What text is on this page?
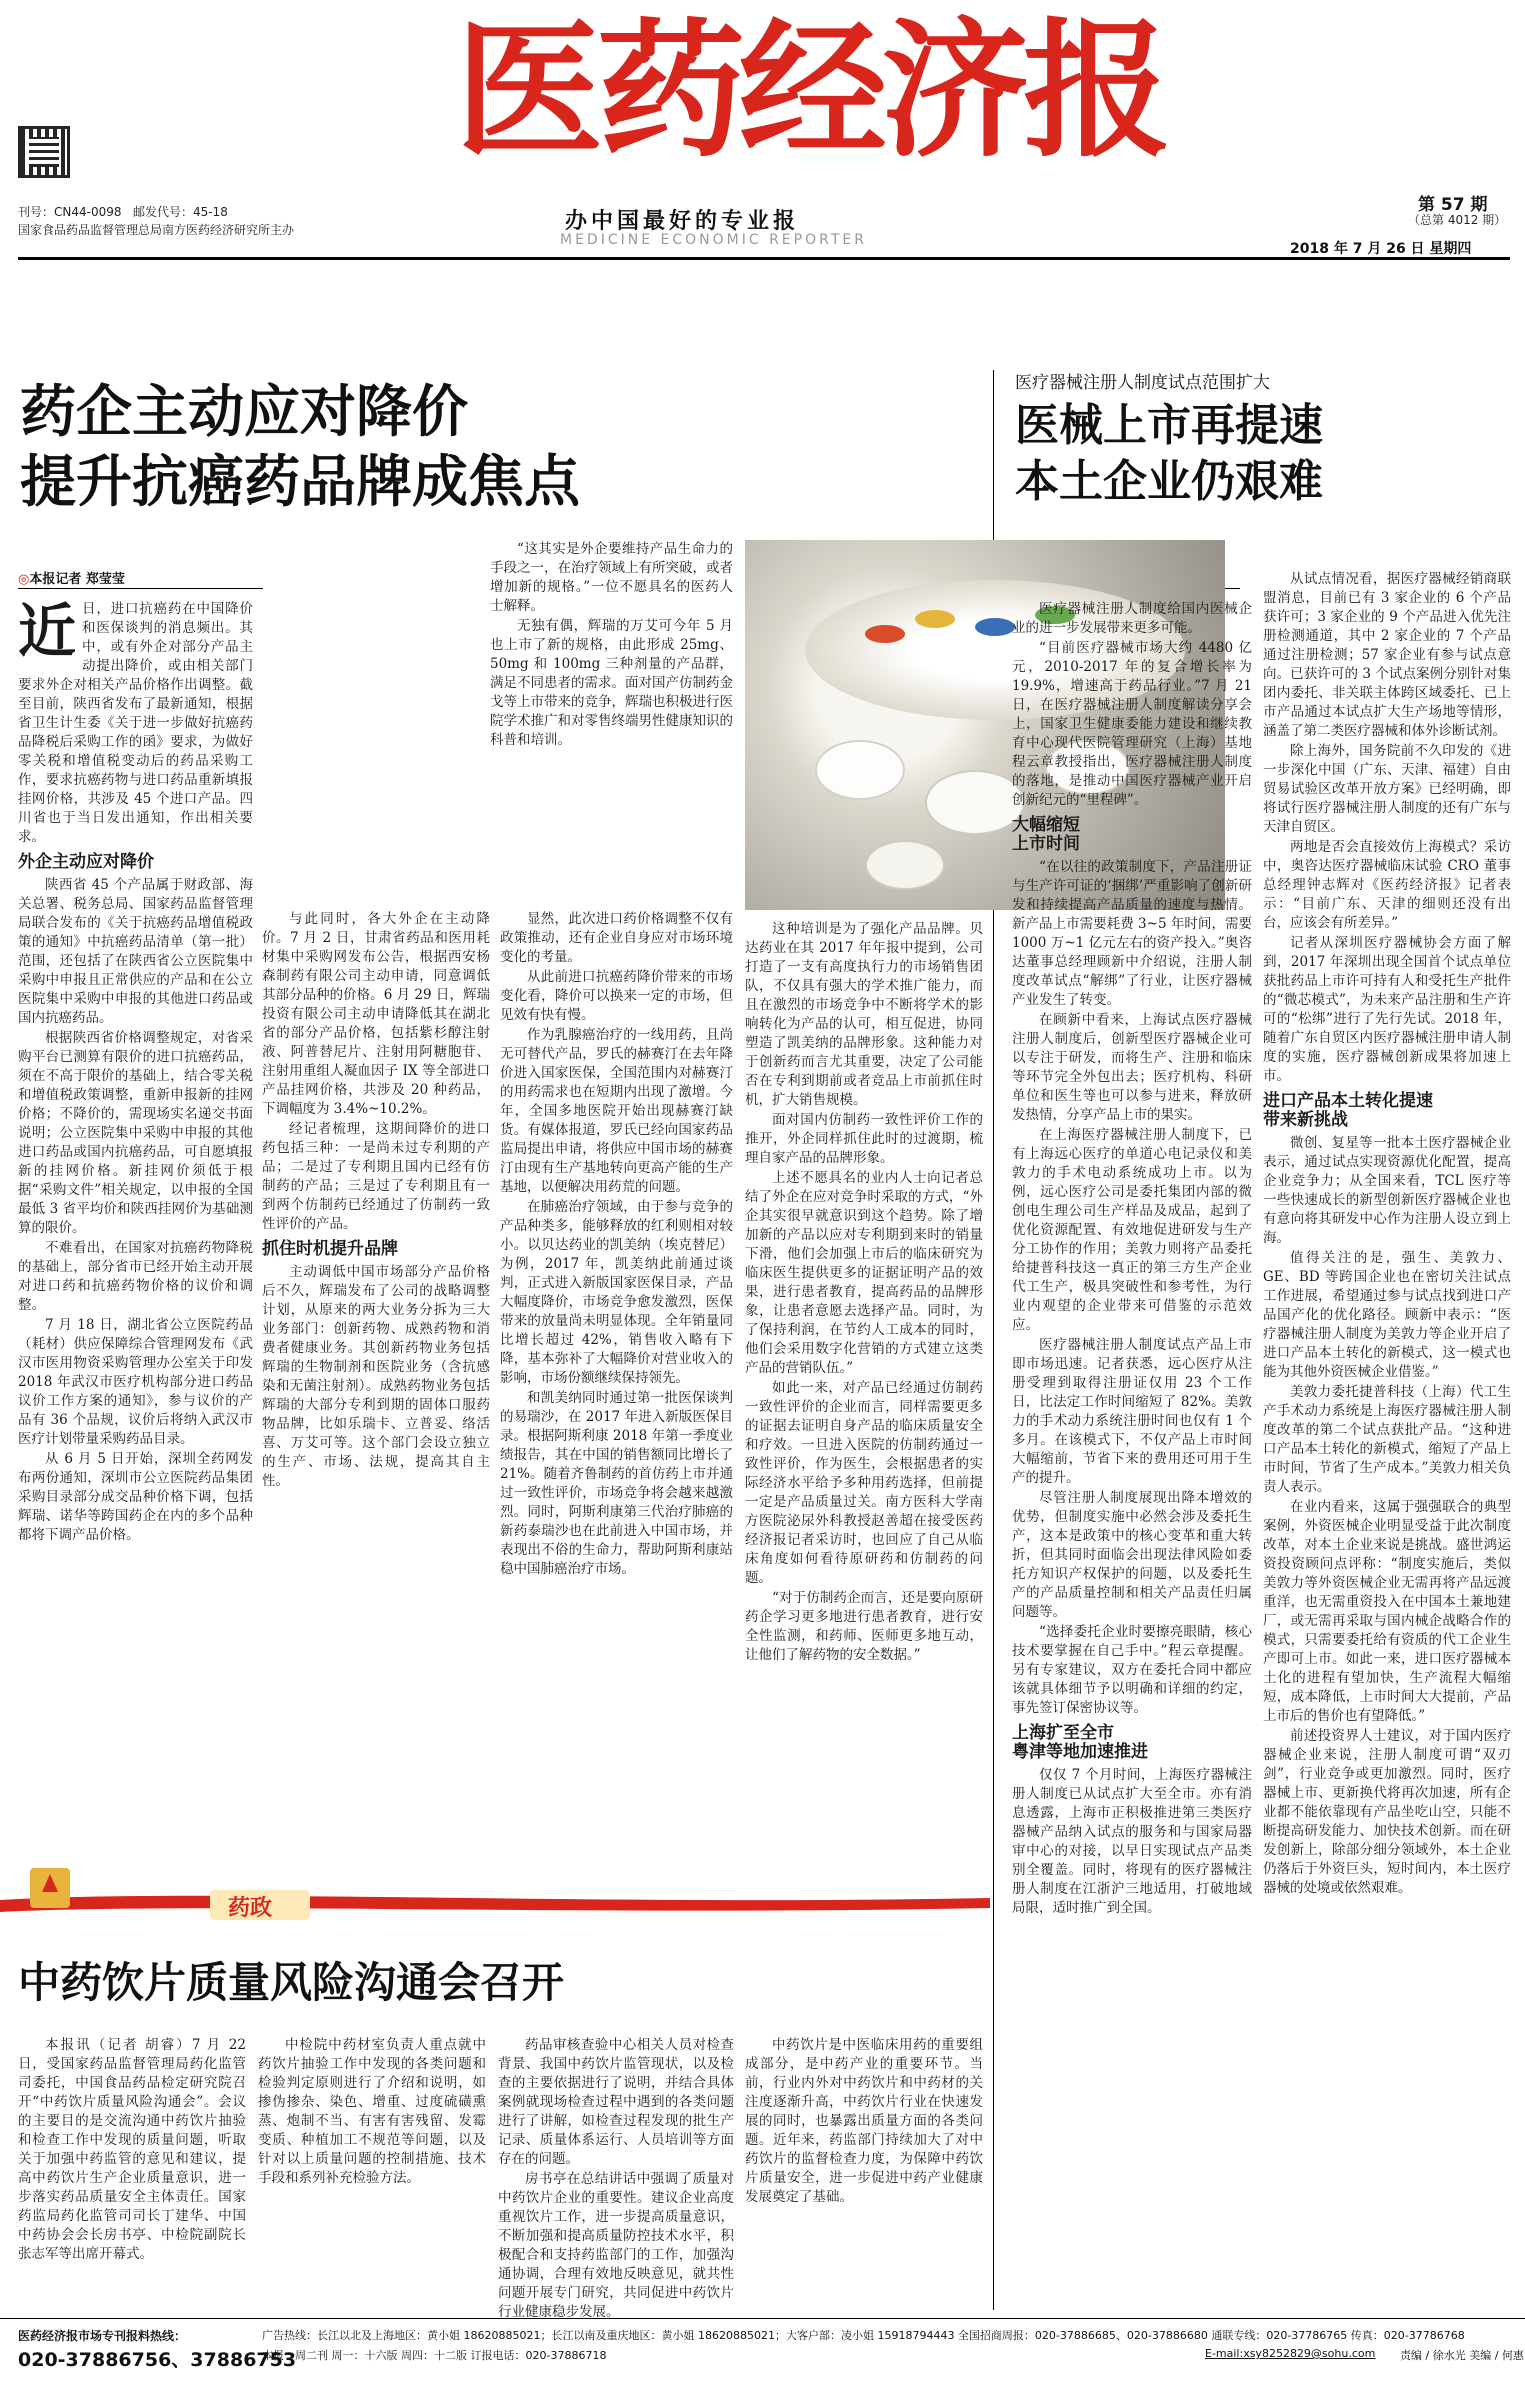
刊号：CN44-0098 邮发代号：45-18
国家食品药品监督管理总局南方医药经济研究所主办
医药经济报
办中国最好的专业报
MEDICINE ECONOMIC REPORTER
第 57 期
（总第 4012 期）
2018 年 7 月 26 日 星期四
药企主动应对降价
提升抗癌药品牌成焦点
医疗器械注册人制度试点范围扩大
医械上市再提速
本土企业仍艰难
◎本报记者 郑莹莹

近日，进口抗癌药在中国降价和医保谈判的消息频出。其中，或有外企对部分产品主动提出降价，或由相关部门要求外企对相关产品价格作出调整。截至目前，陕西省发布了最新通知，根据省卫生计生委《关于进一步做好抗癌药品降税后采购工作的函》要求，为做好零关税和增值税变动后的药品采购工作，要求抗癌药物与进口药品重新填报挂网价格，共涉及 45 个进口产品。四川省也于当日发出通知，作出相关要求。

外企主动应对降价

陕西省 45 个产品属于财政部、海关总署、税务总局、国家药品监督管理局联合发布的《关于抗癌药品增值税政策的通知》中抗癌药品清单（第一批）范围，还包括了在陕西省公立医院集中采购中申报且正常供应的产品和在公立医院集中采购中申报的其他进口药品或国内抗癌药品。

根据陕西省价格调整规定，对省采购平台已测算有限价的进口抗癌药品，须在不高于限价的基础上，结合零关税和增值税政策调整，重新申报新的挂网价格；不降价的，需现场实名递交书面说明；公立医院集中采购中申报的其他进口药品或国内抗癌药品，可自愿填报新的挂网价格。新挂网价须低于根据“采购文件”相关规定，以申报的全国最低 3 省平均价和陕西挂网价为基础测算的限价。

不难看出，在国家对抗癌药物降税的基础上，部分省市已经开始主动开展对进口药和抗癌药物价格的议价和调整。

7 月 18 日，湖北省公立医院药品（耗材）供应保障综合管理网发布《武汉市医用物资采购管理办公室关于印发 2018 年武汉市医疗机构部分进口药品议价工作方案的通知》，参与议价的产品有 36 个品规，议价后将纳入武汉市医疗计划带量采购药品目录。

从 6 月 5 日开始，深圳全药网发布两份通知，深圳市公立医院药品集团采购目录部分成交品种价格下调，包括辉瑞、诺华等跨国药企在内的多个品种都将下调产品价格。

与此同时，各大外企在主动降价。7 月 2 日，甘肃省药品和医用耗材集中采购网发布公告，根据西安杨森制药有限公司主动申请，同意调低其部分品种的价格。6 月 29 日，辉瑞投资有限公司主动申请降低其在湖北省的部分产品价格，包括紫杉醇注射液、阿普替尼片、注射用阿糖胞苷、注射用重组人凝血因子 IX 等全部进口产品挂网价格，共涉及 20 种药品，下调幅度为 3.4%~10.2%。

经记者梳理，这期间降价的进口药包括三种：一是尚未过专利期的产品；二是过了专利期且国内已经有仿制药的产品；三是过了专利期且有一到两个仿制药已经通过了仿制药一致性评价的产品。

抓住时机提升品牌

主动调低中国市场部分产品价格后不久，辉瑞发布了公司的战略调整计划，从原来的两大业务分拆为三大业务部门：创新药物、成熟药物和消费者健康业务。其创新药物业务包括辉瑞的生物制剂和医院业务（含抗感染和无菌注射剂）。成熟药物业务包括辉瑞的大部分专利到期的固体口服药物品牌，比如乐瑞卡、立普妥、络活喜、万艾可等。这个部门会设立独立的生产、市场、法规，提高其自主性。

显然，此次进口药价格调整不仅有政策推动，还有企业自身应对市场环境变化的考量。

从此前进口抗癌药降价带来的市场变化看，降价可以换来一定的市场，但见效有快有慢。

作为乳腺癌治疗的一线用药，且尚无可替代产品，罗氏的赫赛汀在去年降价进入国家医保，全国范围内对赫赛汀的用药需求也在短期内出现了激增。今年，全国多地医院开始出现赫赛汀缺货。有媒体报道，罗氏已经向国家药品监局提出申请，将供应中国市场的赫赛汀由现有生产基地转向更高产能的生产基地，以便解决用药荒的问题。

在肺癌治疗领域，由于参与竞争的产品种类多，能够释放的红利则相对较小。以贝达药业的凯美纳（埃克替尼）为例，2017 年，凯美纳此前通过谈判，正式进入新版国家医保目录，产品大幅度降价，市场竞争愈发激烈，医保带来的放量尚未明显体现。全年销量同比增长超过 42%，销售收入略有下降，基本弥补了大幅降价对营业收入的影响，市场份额继续保持领先。

和凯美纳同时通过第一批医保谈判的易瑞沙，在 2017 年进入新版医保目录。根据阿斯利康 2018 年第一季度业绩报告，其在中国的销售额同比增长了 21%。随着齐鲁制药的首仿药上市并通过一致性评价，市场竞争将会越来越激烈。同时，阿斯利康第三代治疗肺癌的新药泰瑞沙也在此前进入中国市场，并表现出不俗的生命力，帮助阿斯利康站稳中国肺癌治疗市场。

这种培训是为了强化产品品牌。贝达药业在其 2017 年年报中提到，公司打造了一支有高度执行力的市场销售团队，不仅具有强大的学术推广能力，而且在激烈的市场竞争中不断将学术的影响转化为产品的认可，相互促进，协同塑造了凯美纳的品牌形象。这种能力对于创新药而言尤其重要，决定了公司能否在专利到期前或者竞品上市前抓住时机，扩大销售规模。

面对国内仿制药一致性评价工作的推开，外企同样抓住此时的过渡期，梳理自家产品的品牌形象。

上述不愿具名的业内人士向记者总结了外企在应对竞争时采取的方式，“外企其实很早就意识到这个趋势。除了增加新的产品以应对专利期到来时的销量下滑，他们会加强上市后的临床研究为临床医生提供更多的证据证明产品的效果，进行患者教育，提高药品的品牌形象，让患者意愿去选择产品。同时，为了保持利润，在节约人工成本的同时，他们会采用数字化营销的方式建立这类产品的营销队伍。”

如此一来，对产品已经通过仿制药一致性评价的企业而言，同样需要更多的证据去证明自身产品的临床质量安全和疗效。一旦进入医院的仿制药通过一致性评价，作为医生，会根据患者的实际经济水平给予多种用药选择，但前提一定是产品质量过关。南方医科大学南方医院泌尿外科教授赵善超在接受医药经济报记者采访时，也回应了自己从临床角度如何看待原研药和仿制药的问题。

“对于仿制药企而言，还是要向原研药企学习更多地进行患者教育，进行安全性监测，和药师、医师更多地互动，让他们了解药物的安全数据。”

医疗器械注册人制度给国内医械企业的进一步发展带来更多可能。

“目前医疗器械市场大约 4480 亿元，2010-2017 年的复合增长率为 19.9%，增速高于药品行业。”7 月 21 日，在医疗器械注册人制度解读分享会上，国家卫生健康委能力建设和继续教育中心现代医院管理研究（上海）基地程云章教授指出，医疗器械注册人制度的落地，是推动中国医疗器械产业开启创新纪元的“里程碑”。

大幅缩短
上市时间

“在以往的政策制度下，产品注册证与生产许可证的‘捆绑’严重影响了创新研发和持续提高产品质量的速度与热情。新产品上市需要耗费 3~5 年时间，需要 1000 万~1 亿元左右的资产投入。”奥咨达董事总经理顾新中介绍说，注册人制度改革试点“解绑”了行业，让医疗器械产业发生了转变。

在顾新中看来，上海试点医疗器械注册人制度后，创新型医疗器械企业可以专注于研发，而将生产、注册和临床等环节完全外包出去；医疗机构、科研单位和医生等也可以参与进来，释放研发热情，分享产品上市的果实。

在上海医疗器械注册人制度下，已有上海远心医疗的单道心电记录仪和美敦力的手术电动系统成功上市。以为例，远心医疗公司是委托集团内部的微创电生理公司生产样品及成品，起到了优化资源配置、有效地促进研发与生产分工协作的作用；美敦力则将产品委托给捷普科技这一真正的第三方生产企业代工生产，极具突破性和参考性，为行业内观望的企业带来可借鉴的示范效应。

医疗器械注册人制度试点产品上市即市场迅速。记者获悉，远心医疗从注册受理到取得注册证仅用 23 个工作日，比法定工作时间缩短了 82%。美敦力的手术动力系统注册时间也仅有 1 个多月。在该模式下，不仅产品上市时间大幅缩前，节省下来的费用还可用于生产的提升。

尽管注册人制度展现出降本增效的优势，但制度实施中必然会涉及委托生产，这本是政策中的核心变革和重大转折，但其同时面临会出现法律风险如委托方知识产权保护的问题，以及委托生产的产品质量控制和相关产品责任归属问题等。

“选择委托企业时要擦亮眼睛，核心技术要掌握在自己手中。”程云章提醒。另有专家建议，双方在委托合同中都应该就具体细节予以明确和详细的约定，事先签订保密协议等。

上海扩至全市
粤津等地加速推进

仅仅 7 个月时间，上海医疗器械注册人制度已从试点扩大至全市。亦有消息透露，上海市正积极推进第三类医疗器械产品纳入试点的服务和与国家局器审中心的对接，以早日实现试点产品类别全覆盖。同时，将现有的医疗器械注册人制度在江浙沪三地适用，打破地域局限，适时推广到全国。

从试点情况看，据医疗器械经销商联盟消息，目前已有 3 家企业的 6 个产品获许可；3 家企业的 9 个产品进入优先注册检测通道，其中 2 家企业的 7 个产品通过注册检测；57 家企业有参与试点意向。已获许可的 3 个试点案例分别针对集团内委托、非关联主体跨区域委托、已上市产品通过本试点扩大生产场地等情形，涵盖了第二类医疗器械和体外诊断试剂。

除上海外，国务院前不久印发的《进一步深化中国（广东、天津、福建）自由贸易试验区改革开放方案》已经明确，即将试行医疗器械注册人制度的还有广东与天津自贸区。

两地是否会直接效仿上海模式？采访中，奥咨达医疗器械临床试验 CRO 董事总经理钟志辉对《医药经济报》记者表示：“目前广东、天津的细则还没有出台，应该会有所差异。”

记者从深圳医疗器械协会方面了解到，2017 年深圳出现全国首个试点单位获批药品上市许可持有人和受托生产批件的“微芯模式”，为未来产品注册和生产许可的“松绑”进行了先行先试。2018 年，随着广东自贸区内医疗器械注册申请人制度的实施，医疗器械创新成果将加速上市。

进口产品本土转化提速
带来新挑战

微创、复星等一批本土医疗器械企业表示，通过试点实现资源优化配置，提高企业竞争力；从全国来看，TCL 医疗等一些快速成长的新型创新医疗器械企业也有意向将其研发中心作为注册人设立到上海。

值得关注的是，强生、美敦力、GE、BD 等跨国企业也在密切关注试点工作进展，希望通过参与试点找到进口产品国产化的优化路径。顾新中表示：“医疗器械注册人制度为美敦力等企业开启了进口产品本土转化的新模式，这一模式也能为其他外资医械企业借鉴。”

美敦力委托捷普科技（上海）代工生产手术动力系统是上海医疗器械注册人制度改革的第二个试点获批产品。“这种进口产品本土转化的新模式，缩短了产品上市时间，节省了生产成本。”美敦力相关负责人表示。

在业内看来，这属于强强联合的典型案例，外资医械企业明显受益于此次制度改革，对本土企业来说是挑战。盛世鸿运资投资顾问点评称：“制度实施后，类似美敦力等外资医械企业无需再将产品远渡重洋，也无需重资投入在中国本土兼地建厂，或无需再采取与国内械企战略合作的模式，只需要委托给有资质的代工企业生产即可上市。如此一来，进口医疗器械本土化的进程有望加快，生产流程大幅缩短，成本降低，上市时间大大提前，产品上市后的售价也有望降低。”

前述投资界人士建议，对于国内医疗器械企业来说，注册人制度可谓“双刃剑”，行业竞争或更加激烈。同时，医疗器械上市、更新换代将再次加速，所有企业都不能依靠现有产品坐吃山空，只能不断提高研发能力、加快技术创新。而在研发创新上，除部分细分领域外，本土企业仍落后于外资巨头，短时间内，本土医疗器械的处境或依然艰难。

药政
中药饮片质量风险沟通会召开

本报讯（记者 胡睿）7 月 22 日，受国家药品监督管理局药化监管司委托，中国食品药品检定研究院召开“中药饮片质量风险沟通会”。会议的主要目的是交流沟通中药饮片抽验和检查工作中发现的质量问题，听取关于加强中药监管的意见和建议，提高中药饮片生产企业质量意识，进一步落实药品质量安全主体责任。国家药监局药化监管司司长丁建华、中国中药协会会长房书亭、中检院副院长张志军等出席开幕式。

中检院中药材室负责人重点就中药饮片抽验工作中发现的各类问题和检验判定原则进行了介绍和说明，如掺伪掺杂、染色、增重、过度硫磺熏蒸、炮制不当、有害有害残留、发霉变质、种植加工不规范等问题，以及针对以上质量问题的控制措施、技术手段和系列补充检验方法。

药品审核查验中心相关人员对检查背景、我国中药饮片监管现状，以及检查的主要依据进行了说明，并结合具体案例就现场检查过程中遇到的各类问题进行了讲解，如检查过程发现的批生产记录、质量体系运行、人员培训等方面存在的问题。

房书亭在总结讲话中强调了质量对中药饮片企业的重要性。建议企业高度重视饮片工作，进一步提高质量意识，不断加强和提高质量防控技术水平，积极配合和支持药监部门的工作，加强沟通协调，合理有效地反映意见，就共性问题开展专门研究，共同促进中药饮片行业健康稳步发展。

中药饮片是中医临床用药的重要组成部分，是中药产业的重要环节。当前，行业内外对中药饮片和中药材的关注度逐渐升高，中药饮片行业在快速发展的同时，也暴露出质量方面的各类问题。近年来，药监部门持续加大了对中药饮片的监督检查力度，为保障中药饮片质量安全，进一步促进中药产业健康发展奠定了基础。

医药经济报市场专刊报料热线：
020-37886756、37886753
广告热线：长江以北及上海地区：黄小姐 18620885021；长江以南及重庆地区：黄小姐 18620885021；大客户部：凌小姐 15918794443 全国招商周报：020-37886685、020-37886680 通联专线：020-37786765 传真：020-37786768
本报一周二刊 周一：十六版 周四：十二版 订报电话：020-37886718	E-mail:xsy8252829@sohu.com 责编 / 徐水光 美编 / 何惠

“这其实是外企要维持产品生命力的手段之一，在治疗领域上有所突破，或者增加新的规格。”一位不愿具名的医药人士解释。

无独有偶，辉瑞的万艾可今年 5 月也上市了新的规格，由此形成 25mg、50mg 和 100mg 三种剂量的产品群，满足不同患者的需求。面对国产仿制药金戈等上市带来的竞争，辉瑞也积极进行医院学术推广和对零售终端男性健康知识的科普和培训。
